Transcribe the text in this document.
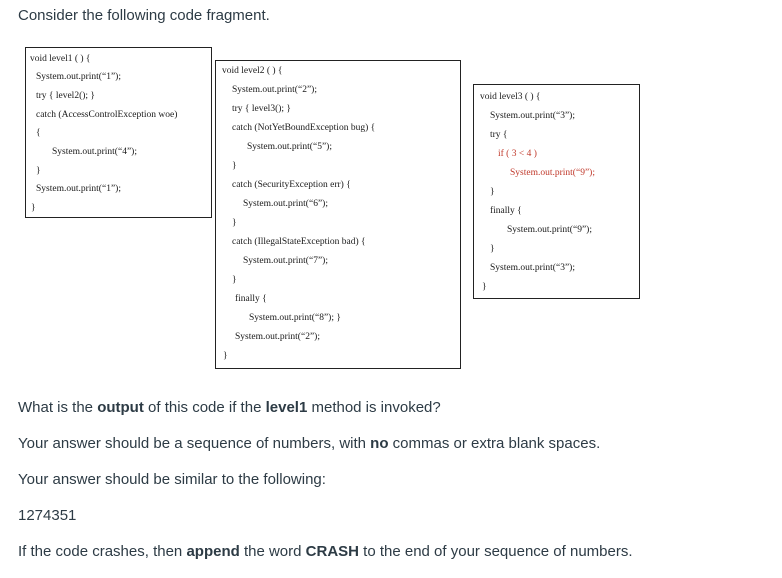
Consider the following code fragment.
void level1 ( ) {
System.out.print(“1”);
try { level2(); }
catch (AccessControlException woe)
{
System.out.print(“4”);
}
System.out.print(“1”);
}
void level2 ( ) {
System.out.print(“2”);
try { level3(); }
catch (NotYetBoundException bug) {
System.out.print(“5”);
}
catch (SecurityException err) {
System.out.print(“6”);
}
catch (IllegalStateException bad) {
System.out.print(“7”);
}
finally {
System.out.print(“8”); }
System.out.print(“2”);
}
void level3 ( ) {
System.out.print(“3”);
try {
if ( 3 < 4 )
System.out.print(“9”);
}
finally {
System.out.print(“9”);
}
System.out.print(“3”);
}
What is the output of this code if the level1 method is invoked?
Your answer should be a sequence of numbers, with no commas or extra blank spaces.
Your answer should be similar to the following:
1274351
If the code crashes, then append the word CRASH to the end of your sequence of numbers.
